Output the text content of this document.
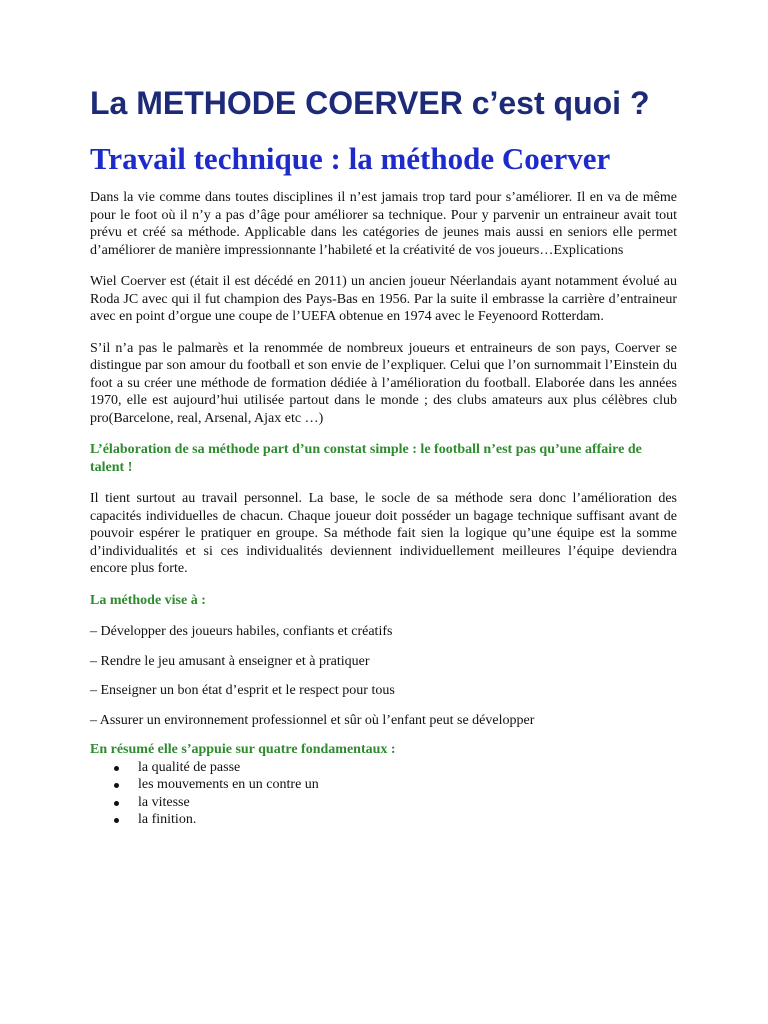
La METHODE COERVER c’est quoi ?
Travail technique : la méthode Coerver

Dans la vie comme dans toutes disciplines il n’est jamais trop tard pour s’améliorer. Il en va de même pour le foot où il n’y a pas d’âge pour améliorer sa technique. Pour y parvenir un entraineur avait tout prévu et créé sa méthode. Applicable dans les catégories de jeunes mais aussi en seniors elle permet d’améliorer de manière impressionnante l’habileté et la créativité de vos joueurs…Explications

Wiel Coerver est (était il est décédé en 2011) un ancien joueur Néerlandais ayant notamment évolué au Roda JC avec qui il fut champion des Pays-Bas en 1956. Par la suite il embrasse la carrière d’entraineur avec en point d’orgue une coupe de l’UEFA obtenue en 1974 avec le Feyenoord Rotterdam.

S’il n’a pas le palmarès et la renommée de nombreux joueurs et entraineurs de son pays, Coerver se distingue par son amour du football et son envie de l’expliquer. Celui que l’on surnommait l’Einstein du foot a su créer une méthode de formation dédiée à l’amélioration du football. Elaborée dans les années 1970, elle est aujourd’hui utilisée partout dans le monde ; des clubs amateurs aux plus célèbres club pro(Barcelone, real, Arsenal, Ajax etc …)

L’élaboration de sa méthode part d’un constat simple : le football n’est pas qu’une affaire de talent !

Il tient surtout au travail personnel. La base, le socle de sa méthode sera donc l’amélioration des capacités individuelles de chacun. Chaque joueur doit posséder un bagage technique suffisant avant de pouvoir espérer le pratiquer en groupe. Sa méthode fait sien la logique qu’une équipe est la somme d’individualités et si ces individualités deviennent individuellement meilleures l’équipe deviendra encore plus forte.

La méthode vise à :

– Développer des joueurs habiles, confiants et créatifs

– Rendre le jeu amusant à enseigner et à pratiquer

– Enseigner un bon état d’esprit et le respect pour tous

– Assurer un environnement professionnel et sûr où l’enfant peut se développer

En résumé elle s’appuie sur quatre fondamentaux :

la qualité de passe
les mouvements en un contre un
la vitesse
la finition.
